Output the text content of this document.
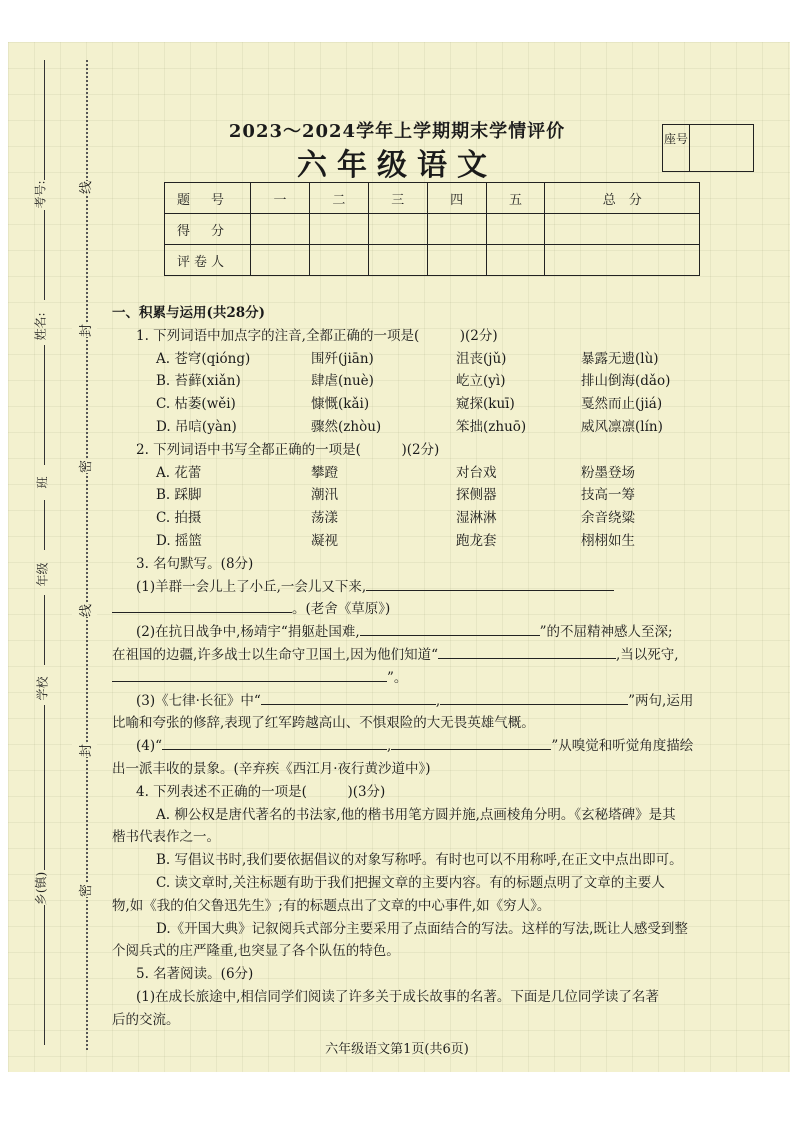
考号:
姓名:
班
年级
学校
乡(镇)
线
封
密
线
封
密
2023～2024学年上学期期末学情评价
六年级语文
座号
题　号	一	二	三	四	五	总　分
得　分						
评卷人						
一、积累与运用(共28分)
1. 下列词语中加点字的注音,全都正确的一项是(　　　)(2分)
A. 苍穹(qióng)	围歼(jiān)	沮丧(jǔ)	暴露无遗(lù)
B. 苔藓(xiǎn)	肆虐(nuè)	屹立(yì)	排山倒海(dǎo)
C. 枯萎(wěi)	慷慨(kǎi)	窥探(kuī)	戛然而止(jiá)
D. 吊唁(yàn)	骤然(zhòu)	笨拙(zhuō)	威风凛凛(lín)
2. 下列词语中书写全都正确的一项是(　　　)(2分)
A. 花蕾	攀蹬	对台戏	粉墨登场
B. 踩脚	潮汛	探侧器	技高一筹
C. 拍摄	荡漾	湿淋淋	余音绕粱
D. 摇篮	凝视	跑龙套	栩栩如生
3. 名句默写。(8分)
(1)羊群一会儿上了小丘,一会儿又下来,
。(老舍《草原》)
(2)在抗日战争中,杨靖宇“捐躯赴国难,	”的不屈精神感人至深;
在祖国的边疆,许多战士以生命守卫国土,因为他们知道“	,当以死守,
”。
(3)《七律·长征》中“	,	”两句,运用
比喻和夸张的修辞,表现了红军跨越高山、不惧艰险的大无畏英雄气概。
(4)“	,	”从嗅觉和听觉角度描绘
出一派丰收的景象。(辛弃疾《西江月·夜行黄沙道中》)
4. 下列表述不正确的一项是(　　　)(3分)
A. 柳公权是唐代著名的书法家,他的楷书用笔方圆并施,点画棱角分明。《玄秘塔碑》是其
楷书代表作之一。
B. 写倡议书时,我们要依据倡议的对象写称呼。有时也可以不用称呼,在正文中点出即可。
C. 读文章时,关注标题有助于我们把握文章的主要内容。有的标题点明了文章的主要人
物,如《我的伯父鲁迅先生》;有的标题点出了文章的中心事件,如《穷人》。
D.《开国大典》记叙阅兵式部分主要采用了点面结合的写法。这样的写法,既让人感受到整
个阅兵式的庄严隆重,也突显了各个队伍的特色。
5. 名著阅读。(6分)
(1)在成长旅途中,相信同学们阅读了许多关于成长故事的名著。下面是几位同学读了名著
后的交流。
六年级语文第1页(共6页)
